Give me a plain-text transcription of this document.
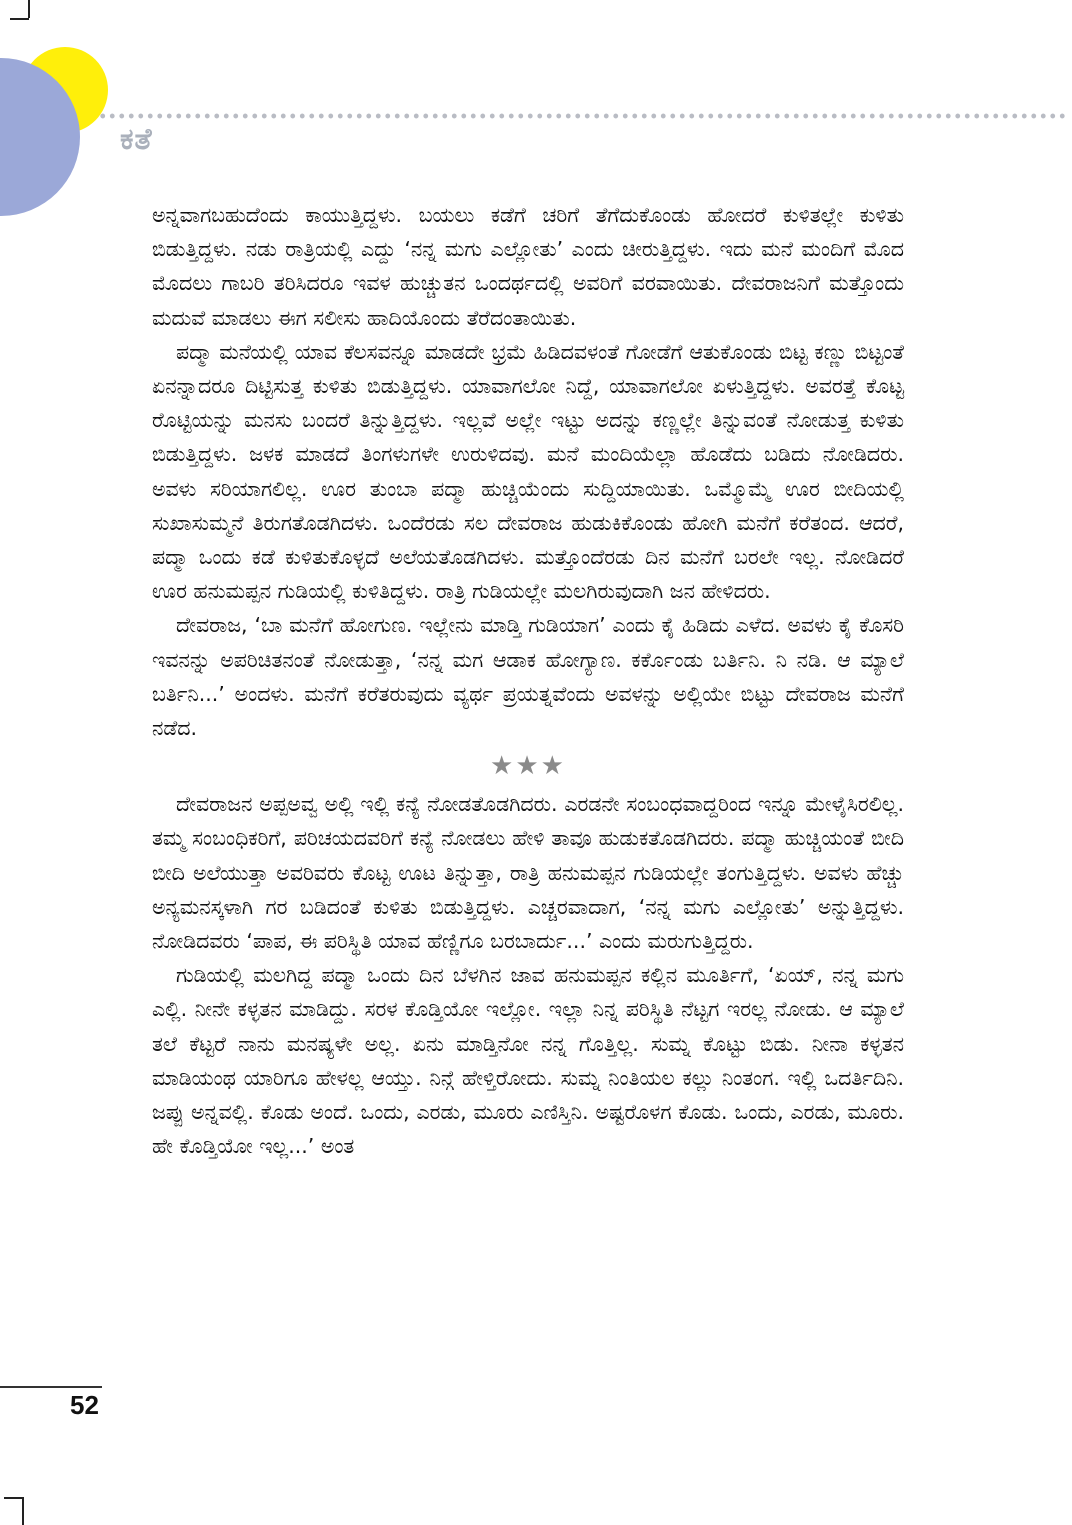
ಕತೆ

ಅನ್ನವಾಗಬಹುದೆಂದು ಕಾಯುತ್ತಿದ್ದಳು. ಬಯಲು ಕಡೆಗೆ ಚರಿಗೆ ತೆಗೆದುಕೊಂಡು ಹೋದರೆ ಕುಳಿತಲ್ಲೇ ಕುಳಿತು ಬಿಡುತ್ತಿದ್ದಳು. ನಡು ರಾತ್ರಿಯಲ್ಲಿ ಎದ್ದು ‘ನನ್ನ ಮಗು ಎಲ್ಲೋತು’ ಎಂದು ಚೀರುತ್ತಿದ್ದಳು. ಇದು ಮನೆ ಮಂದಿಗೆ ಮೊದ ಮೊದಲು ಗಾಬರಿ ತರಿಸಿದರೂ ಇವಳ ಹುಚ್ಚುತನ ಒಂದರ್ಥದಲ್ಲಿ ಅವರಿಗೆ ವರವಾಯಿತು. ದೇವರಾಜನಿಗೆ ಮತ್ತೊಂದು ಮದುವೆ ಮಾಡಲು ಈಗ ಸಲೀಸು ಹಾದಿಯೊಂದು ತೆರೆದಂತಾಯಿತು.

ಪದ್ಮಾ ಮನೆಯಲ್ಲಿ ಯಾವ ಕೆಲಸವನ್ನೂ ಮಾಡದೇ ಭ್ರಮೆ ಹಿಡಿದವಳಂತೆ ಗೋಡೆಗೆ ಆತುಕೊಂಡು ಬಿಟ್ಟ ಕಣ್ಣು ಬಿಟ್ಟಂತೆ ಏನನ್ನಾದರೂ ದಿಟ್ಟಿಸುತ್ತ ಕುಳಿತು ಬಿಡುತ್ತಿದ್ದಳು. ಯಾವಾಗಲೋ ನಿದ್ದೆ, ಯಾವಾಗಲೋ ಏಳುತ್ತಿದ್ದಳು. ಅವರತ್ತೆ ಕೊಟ್ಟ ರೊಟ್ಟಿಯನ್ನು ಮನಸು ಬಂದರೆ ತಿನ್ನುತ್ತಿದ್ದಳು. ಇಲ್ಲವೆ ಅಲ್ಲೇ ಇಟ್ಟು ಅದನ್ನು ಕಣ್ಣಲ್ಲೇ ತಿನ್ನುವಂತೆ ನೋಡುತ್ತ ಕುಳಿತು ಬಿಡುತ್ತಿದ್ದಳು. ಜಳಕ ಮಾಡದೆ ತಿಂಗಳುಗಳೇ ಉರುಳಿದವು. ಮನೆ ಮಂದಿಯೆಲ್ಲಾ ಹೊಡೆದು ಬಡಿದು ನೋಡಿದರು. ಅವಳು ಸರಿಯಾಗಲಿಲ್ಲ. ಊರ ತುಂಬಾ ಪದ್ಮಾ ಹುಚ್ಚಿಯೆಂದು ಸುದ್ದಿಯಾಯಿತು. ಒಮ್ಮೊಮ್ಮೆ ಊರ ಬೀದಿಯಲ್ಲಿ ಸುಖಾಸುಮ್ಮನೆ ತಿರುಗತೊಡಗಿದಳು. ಒಂದೆರಡು ಸಲ ದೇವರಾಜ ಹುಡುಕಿಕೊಂಡು ಹೋಗಿ ಮನೆಗೆ ಕರೆತಂದ. ಆದರೆ, ಪದ್ಮಾ ಒಂದು ಕಡೆ ಕುಳಿತುಕೊಳ್ಳದೆ ಅಲೆಯತೊಡಗಿದಳು. ಮತ್ತೊಂದೆರಡು ದಿನ ಮನೆಗೆ ಬರಲೇ ಇಲ್ಲ. ನೋಡಿದರೆ ಊರ ಹನುಮಪ್ಪನ ಗುಡಿಯಲ್ಲಿ ಕುಳಿತಿದ್ದಳು. ರಾತ್ರಿ ಗುಡಿಯಲ್ಲೇ ಮಲಗಿರುವುದಾಗಿ ಜನ ಹೇಳಿದರು.

ದೇವರಾಜ, ‘ಬಾ ಮನೆಗೆ ಹೋಗುಣ. ಇಲ್ಲೇನು ಮಾಡ್ತಿ ಗುಡಿಯಾಗ’ ಎಂದು ಕೈ ಹಿಡಿದು ಎಳೆದ. ಅವಳು ಕೈ ಕೊಸರಿ ಇವನನ್ನು ಅಪರಿಚಿತನಂತೆ ನೋಡುತ್ತಾ, ‘ನನ್ನ ಮಗ ಆಡಾಕ ಹೋಗ್ಯಾಣ. ಕರ್ಕೊಂಡು ಬರ್ತಿನಿ. ನಿ ನಡಿ. ಆ ಮ್ಯಾಲೆ ಬರ್ತಿನಿ...’ ಅಂದಳು. ಮನೆಗೆ ಕರೆತರುವುದು ವ್ಯರ್ಥ ಪ್ರಯತ್ನವೆಂದು ಅವಳನ್ನು ಅಲ್ಲಿಯೇ ಬಿಟ್ಟು ದೇವರಾಜ ಮನೆಗೆ ನಡೆದ.

★★★

ದೇವರಾಜನ ಅಪ್ಪಅವ್ವ ಅಲ್ಲಿ ಇಲ್ಲಿ ಕನ್ಯೆ ನೋಡತೊಡಗಿದರು. ಎರಡನೇ ಸಂಬಂಧವಾದ್ದರಿಂದ ಇನ್ನೂ ಮೇಳೈಸಿರಲಿಲ್ಲ. ತಮ್ಮ ಸಂಬಂಧಿಕರಿಗೆ, ಪರಿಚಯದವರಿಗೆ ಕನ್ಯೆ ನೋಡಲು ಹೇಳಿ ತಾವೂ ಹುಡುಕತೊಡಗಿದರು. ಪದ್ಮಾ ಹುಚ್ಚಿಯಂತೆ ಬೀದಿ ಬೀದಿ ಅಲೆಯುತ್ತಾ ಅವರಿವರು ಕೊಟ್ಟ ಊಟ ತಿನ್ನುತ್ತಾ, ರಾತ್ರಿ ಹನುಮಪ್ಪನ ಗುಡಿಯಲ್ಲೇ ತಂಗುತ್ತಿದ್ದಳು. ಅವಳು ಹೆಚ್ಚು ಅನ್ಯಮನಸ್ಕಳಾಗಿ ಗರ ಬಡಿದಂತೆ ಕುಳಿತು ಬಿಡುತ್ತಿದ್ದಳು. ಎಚ್ಚರವಾದಾಗ, ‘ನನ್ನ ಮಗು ಎಲ್ಲೋತು’ ಅನ್ನುತ್ತಿದ್ದಳು. ನೋಡಿದವರು ‘ಪಾಪ, ಈ ಪರಿಸ್ಥಿತಿ ಯಾವ ಹೆಣ್ಣಿಗೂ ಬರಬಾರ್ದು...’ ಎಂದು ಮರುಗುತ್ತಿದ್ದರು.

ಗುಡಿಯಲ್ಲಿ ಮಲಗಿದ್ದ ಪದ್ಮಾ ಒಂದು ದಿನ ಬೆಳಗಿನ ಜಾವ ಹನುಮಪ್ಪನ ಕಲ್ಲಿನ ಮೂರ್ತಿಗೆ, ‘ಏಯ್, ನನ್ನ ಮಗು ಎಲ್ಲಿ. ನೀನೇ ಕಳ್ಳತನ ಮಾಡಿದ್ದು. ಸರಳ ಕೊಡ್ತಿಯೋ ಇಲ್ಲೋ. ಇಲ್ಲಾ ನಿನ್ನ ಪರಿಸ್ಥಿತಿ ನೆಟ್ಟಗ ಇರಲ್ಲ ನೋಡು. ಆ ಮ್ಯಾಲೆ ತಲೆ ಕೆಟ್ಟರೆ ನಾನು ಮನಷ್ಯಳೇ ಅಲ್ಲ. ಏನು ಮಾಡ್ತಿನೋ ನನ್ನ ಗೊತ್ತಿಲ್ಲ. ಸುಮ್ನ ಕೊಟ್ಟು ಬಿಡು. ನೀನಾ ಕಳ್ಳತನ ಮಾಡಿಯಂಥ ಯಾರಿಗೂ ಹೇಳಲ್ಲ ಆಯ್ತು. ನಿನ್ಗೆ ಹೇಳ್ತಿರೋದು. ಸುಮ್ನ ನಿಂತಿಯಲ ಕಲ್ಲು ನಿಂತಂಗ. ಇಲ್ಲಿ ಒದರ್ತಿದಿನಿ. ಜಪ್ಪು ಅನ್ನವಲ್ಲಿ. ಕೊಡು ಅಂದೆ. ಒಂದು, ಎರಡು, ಮೂರು ಎಣಿಸ್ತಿನಿ. ಅಷ್ಟರೊಳಗ ಕೊಡು. ಒಂದು, ಎರಡು, ಮೂರು. ಹೇ ಕೊಡ್ತಿಯೋ ಇಲ್ಲ...’ ಅಂತ

52
